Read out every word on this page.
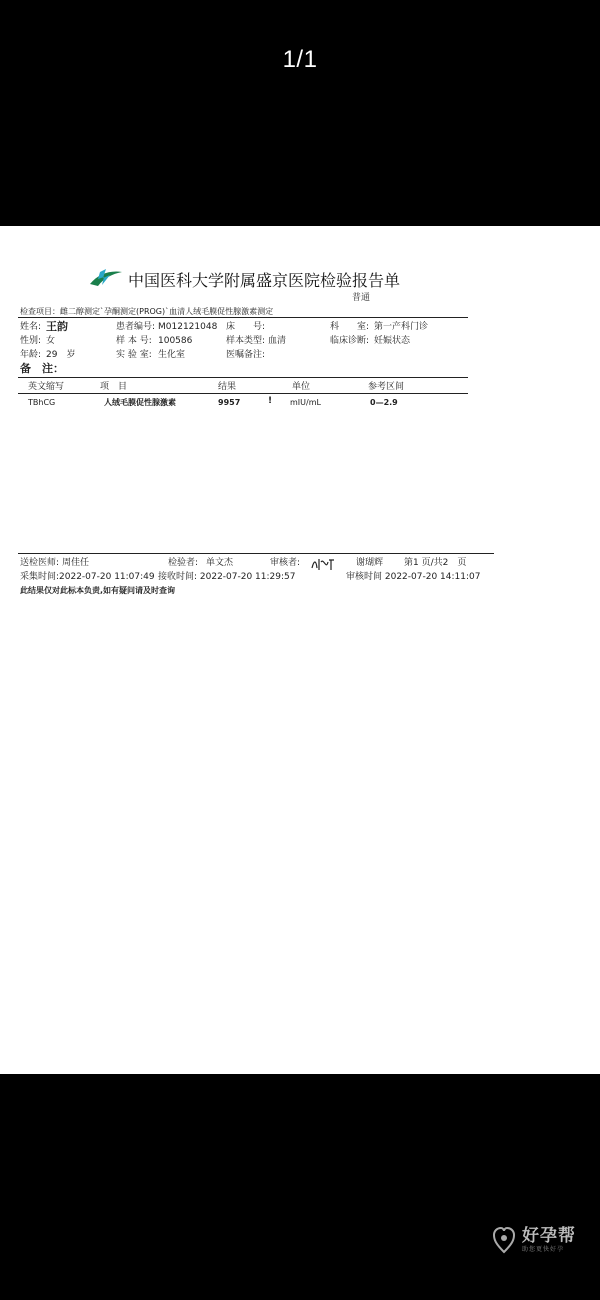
1/1
中国医科大学附属盛京医院检验报告单
普通
检查项目：雌二醇测定`孕酮测定(PROG)`血清人绒毛膜促性腺激素测定
姓名: 王韵	患者编号: M012121048 床　　号:	科　　室: 第一产科门诊
性别: 女	样 本 号: 100586	样本类型: 血清	临床诊断: 妊娠状态
年龄: 29　岁	实 验 室: 生化室	医嘱备注:
备　注：
英文缩写	项　目	结果	单位	参考区间
TBhCG	人绒毛膜促性腺激素	9957	! mIU/mL	0—2.9
送检医师: 周佳任	检验者: 单文杰	审核者:	谢瑚辉 第1 页/共2　页
采集时间:2022-07-20 11:07:49 接收时间: 2022-07-20 11:29:57	审核时间 2022-07-20 14:11:07
此结果仅对此标本负责,如有疑问请及时查询
好孕帮
助您更快好孕
